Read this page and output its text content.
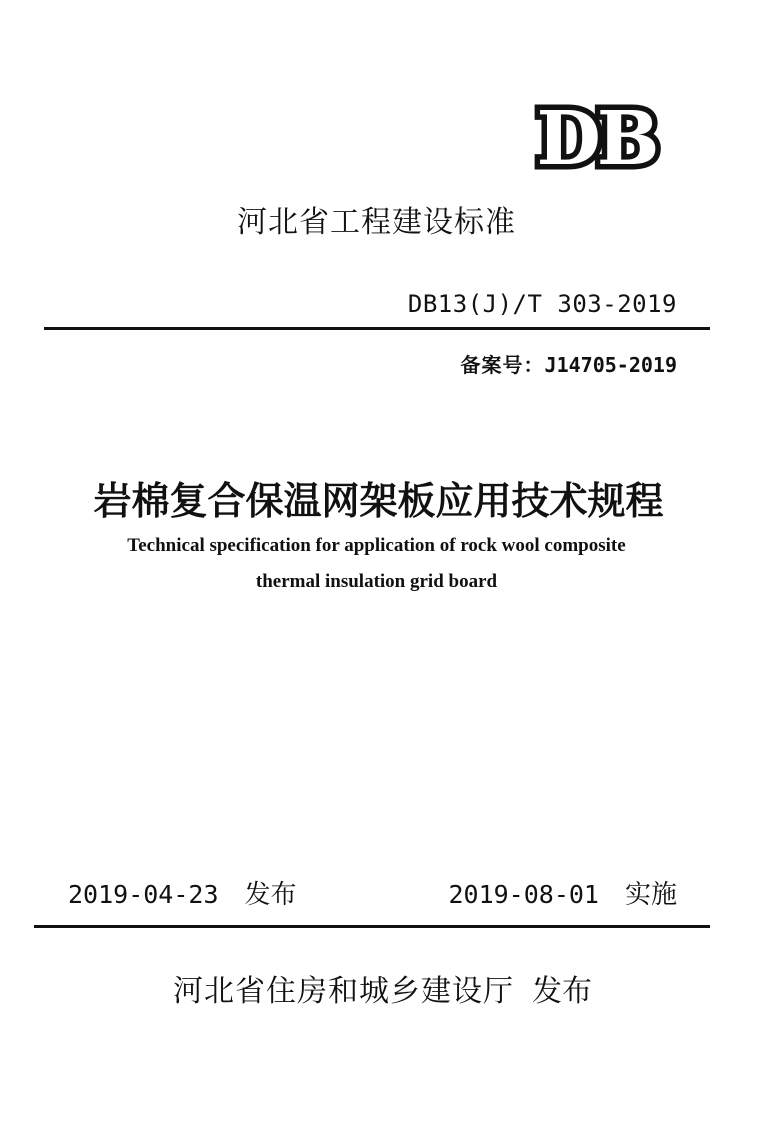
DB
河北省工程建设标准
DB13(J)/T 303-2019
备案号：J14705-2019
岩棉复合保温网架板应用技术规程
Technical specification for application of rock wool composite
thermal insulation grid board
2019-04-23 发布	2019-08-01 实施
河北省住房和城乡建设厅 发布
